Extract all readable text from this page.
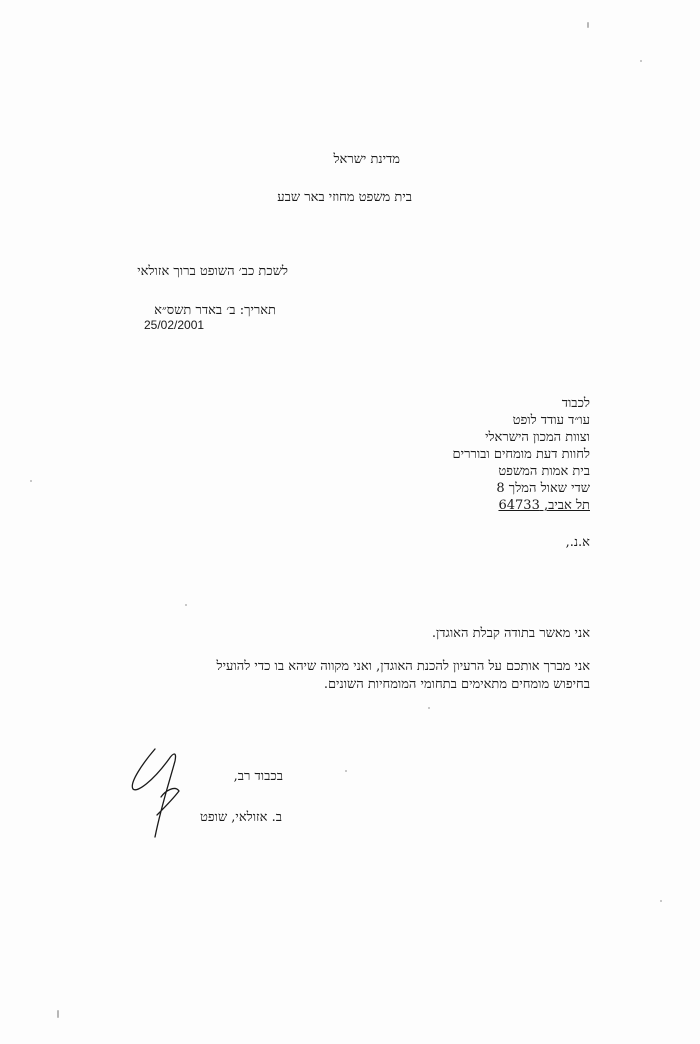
מדינת ישראל
בית משפט מחוזי באר שבע
לשכת כב׳ השופט ברוך אזולאי
תאריך: ב׳ באדר תשס״א
25/02/2001
לכבוד
עו״ד עודד לופט
וצוות המכון הישראלי
לחוות דעת מומחים ובוררים
בית אמות המשפט
שדי שאול המלך 8
תל אביב, 64733
א.נ.,
אני מאשר בתודה קבלת האוגדן.
אני מברך אותכם על הרעיון להכנת האוגדן, ואני מקווה שיהא בו כדי להועיל
בחיפוש מומחים מתאימים בתחומי המומחיות השונים.
בכבוד רב,
ב. אזולאי, שופט
